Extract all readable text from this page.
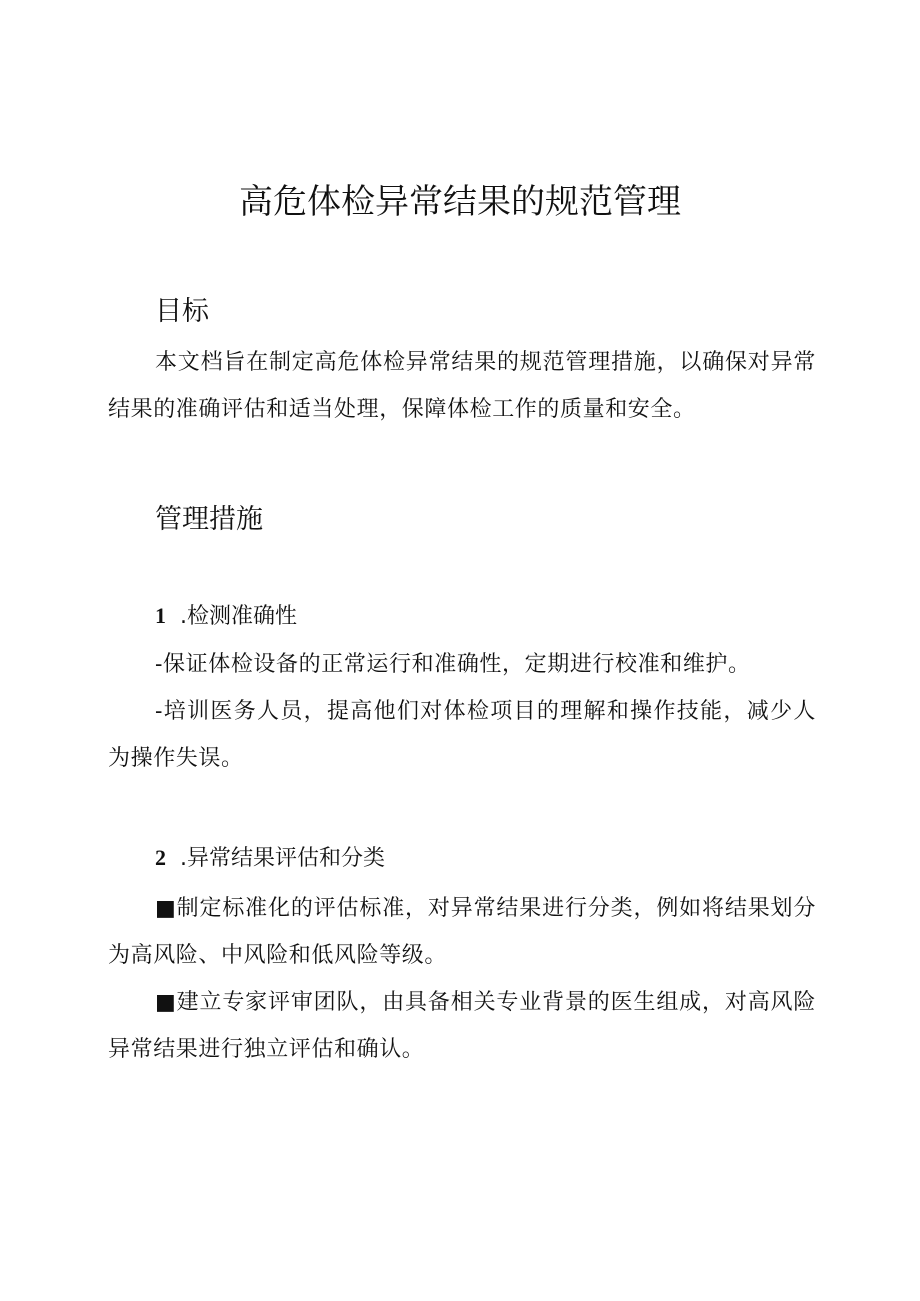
高危体检异常结果的规范管理
目标

本文档旨在制定高危体检异常结果的规范管理措施，以确保对异常结果的准确评估和适当处理，保障体检工作的质量和安全。

管理措施
1 .检测准确性

-保证体检设备的正常运行和准确性，定期进行校准和维护。

-培训医务人员，提高他们对体检项目的理解和操作技能，减少人为操作失误。

2 .异常结果评估和分类

■制定标准化的评估标准，对异常结果进行分类，例如将结果划分为高风险、中风险和低风险等级。

■建立专家评审团队，由具备相关专业背景的医生组成，对高风险异常结果进行独立评估和确认。
